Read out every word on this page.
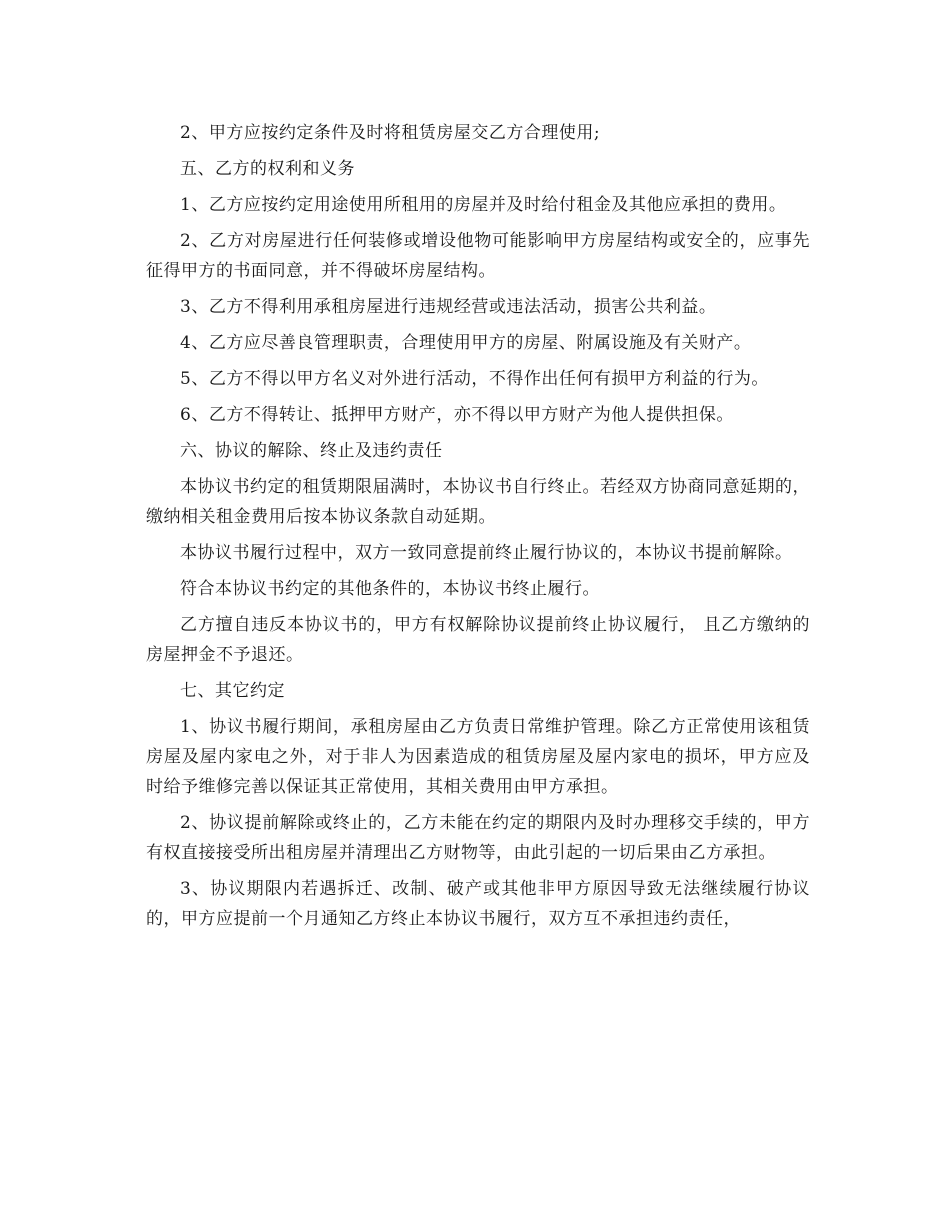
2、甲方应按约定条件及时将租赁房屋交乙方合理使用;

五、乙方的权利和义务

1、乙方应按约定用途使用所租用的房屋并及时给付租金及其他应承担的费用。

2、乙方对房屋进行任何装修或增设他物可能影响甲方房屋结构或安全的，应事先征得甲方的书面同意，并不得破坏房屋结构。

3、乙方不得利用承租房屋进行违规经营或违法活动，损害公共利益。

4、乙方应尽善良管理职责，合理使用甲方的房屋、附属设施及有关财产。

5、乙方不得以甲方名义对外进行活动，不得作出任何有损甲方利益的行为。

6、乙方不得转让、抵押甲方财产，亦不得以甲方财产为他人提供担保。

六、协议的解除、终止及违约责任

本协议书约定的租赁期限届满时，本协议书自行终止。若经双方协商同意延期的，缴纳相关租金费用后按本协议条款自动延期。

本协议书履行过程中，双方一致同意提前终止履行协议的，本协议书提前解除。

符合本协议书约定的其他条件的，本协议书终止履行。

乙方擅自违反本协议书的，甲方有权解除协议提前终止协议履行， 且乙方缴纳的房屋押金不予退还。

七、其它约定

1、协议书履行期间，承租房屋由乙方负责日常维护管理。除乙方正常使用该租赁房屋及屋内家电之外，对于非人为因素造成的租赁房屋及屋内家电的损坏，甲方应及时给予维修完善以保证其正常使用，其相关费用由甲方承担。

2、协议提前解除或终止的，乙方未能在约定的期限内及时办理移交手续的，甲方有权直接接受所出租房屋并清理出乙方财物等，由此引起的一切后果由乙方承担。

3、协议期限内若遇拆迁、改制、破产或其他非甲方原因导致无法继续履行协议的，甲方应提前一个月通知乙方终止本协议书履行，双方互不承担违约责任，
